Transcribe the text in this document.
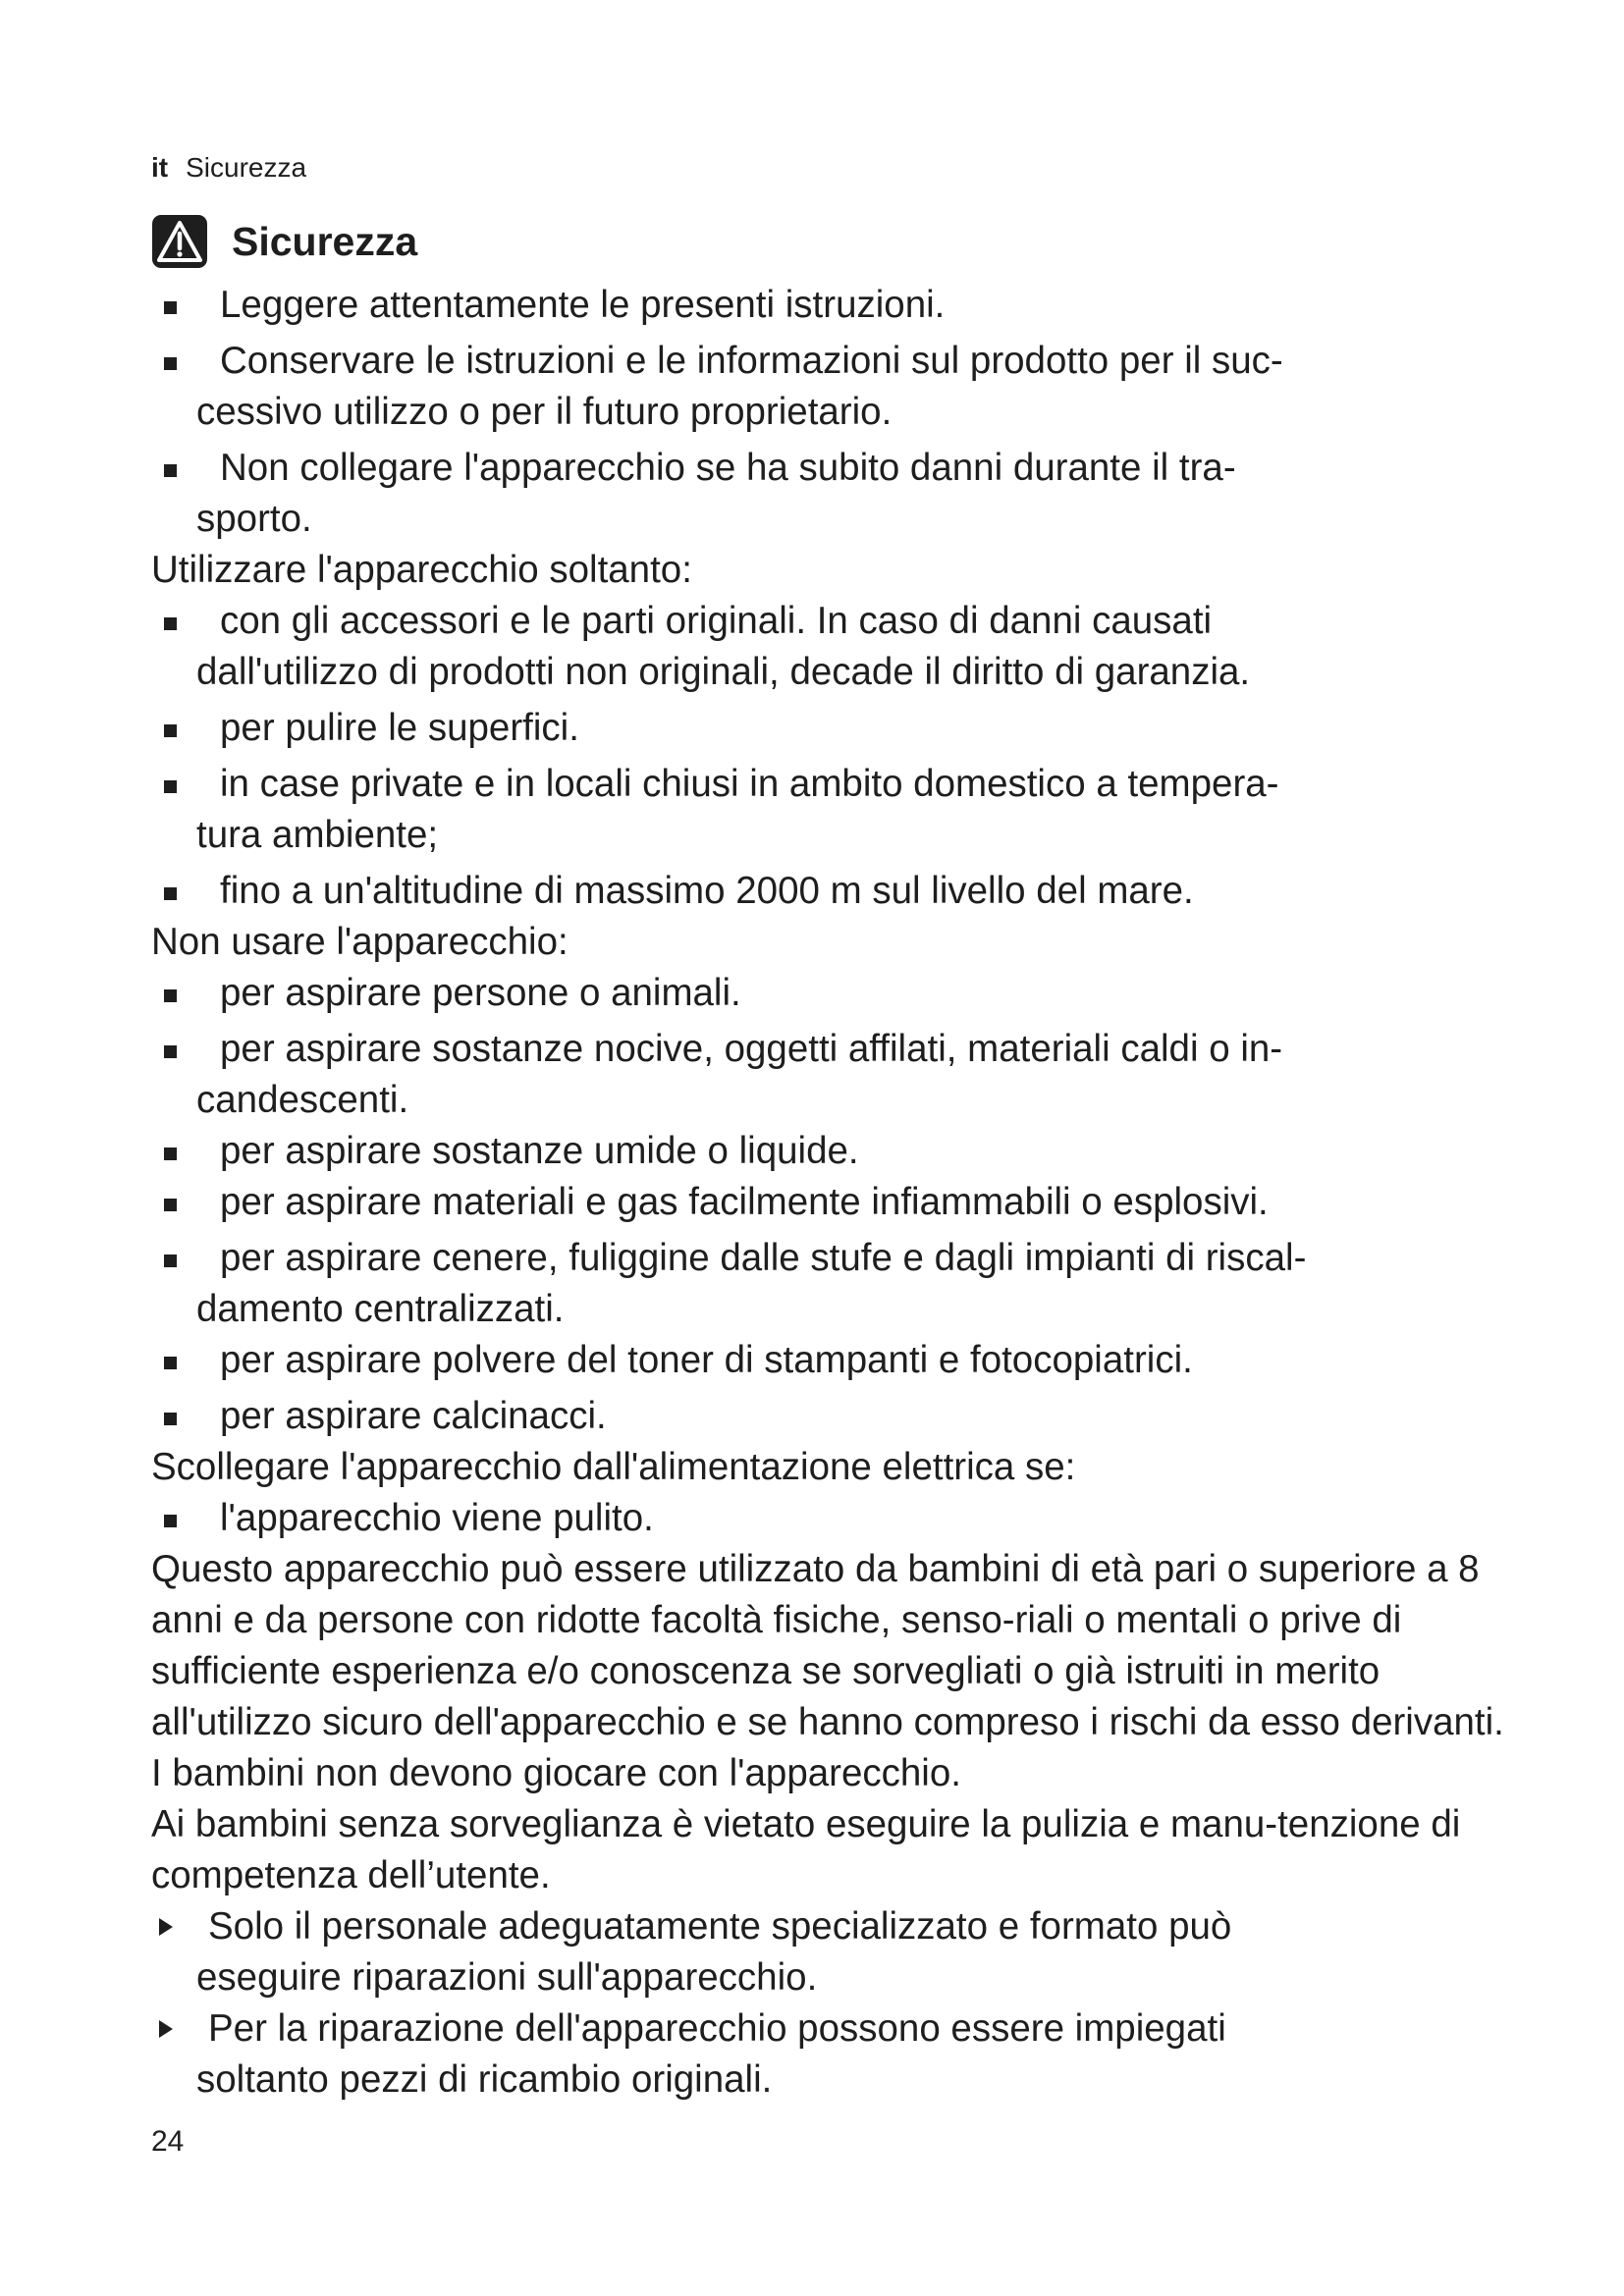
it Sicurezza
Sicurezza
Leggere attentamente le presenti istruzioni.
Conservare le istruzioni e le informazioni sul prodotto per il suc-
cessivo utilizzo o per il futuro proprietario.
Non collegare l'apparecchio se ha subito danni durante il tra-
sporto.

Utilizzare l'apparecchio soltanto:

con gli accessori e le parti originali. In caso di danni causati
dall'utilizzo di prodotti non originali, decade il diritto di garanzia.
per pulire le superfici.
in case private e in locali chiusi in ambito domestico a tempera-
tura ambiente;
fino a un'altitudine di massimo 2000 m sul livello del mare.

Non usare l'apparecchio:

per aspirare persone o animali.
per aspirare sostanze nocive, oggetti affilati, materiali caldi o in-
candescenti.
per aspirare sostanze umide o liquide.
per aspirare materiali e gas facilmente infiammabili o esplosivi.
per aspirare cenere, fuliggine dalle stufe e dagli impianti di riscal-
damento centralizzati.
per aspirare polvere del toner di stampanti e fotocopiatrici.
per aspirare calcinacci.

Scollegare l'apparecchio dall'alimentazione elettrica se:

l'apparecchio viene pulito.

Questo apparecchio può essere utilizzato da bambini di età pari o superiore a 8 anni e da persone con ridotte facoltà fisiche, senso-riali o mentali o prive di sufficiente esperienza e/o conoscenza se sorvegliati o già istruiti in merito all'utilizzo sicuro dell'apparecchio e se hanno compreso i rischi da esso derivanti.

I bambini non devono giocare con l'apparecchio.

Ai bambini senza sorveglianza è vietato eseguire la pulizia e manu-tenzione di competenza dell’utente.

Solo il personale adeguatamente specializzato e formato può
eseguire riparazioni sull'apparecchio.
Per la riparazione dell'apparecchio possono essere impiegati
soltanto pezzi di ricambio originali.
24
